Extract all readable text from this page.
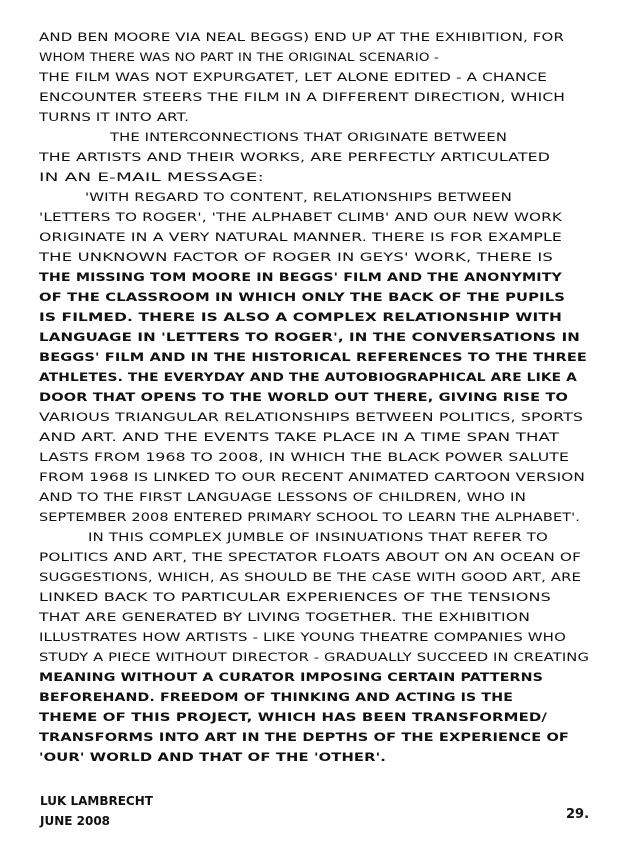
AND BEN MOORE VIA NEAL BEGGS) END UP AT THE EXHIBITION, FOR
WHOM THERE WAS NO PART IN THE ORIGINAL SCENARIO -
THE FILM WAS NOT EXPURGATET, LET ALONE EDITED - A CHANCE
ENCOUNTER STEERS THE FILM IN A DIFFERENT DIRECTION, WHICH
TURNS IT INTO ART.
THE INTERCONNECTIONS THAT ORIGINATE BETWEEN
THE ARTISTS AND THEIR WORKS, ARE PERFECTLY ARTICULATED
IN AN E-MAIL MESSAGE:
'WITH REGARD TO CONTENT, RELATIONSHIPS BETWEEN
'LETTERS TO ROGER', 'THE ALPHABET CLIMB' AND OUR NEW WORK
ORIGINATE IN A VERY NATURAL MANNER. THERE IS FOR EXAMPLE
THE UNKNOWN FACTOR OF ROGER IN GEYS' WORK, THERE IS
THE MISSING TOM MOORE IN BEGGS' FILM AND THE ANONYMITY
OF THE CLASSROOM IN WHICH ONLY THE BACK OF THE PUPILS
IS FILMED. THERE IS ALSO A COMPLEX RELATIONSHIP WITH
LANGUAGE IN 'LETTERS TO ROGER', IN THE CONVERSATIONS IN
BEGGS' FILM AND IN THE HISTORICAL REFERENCES TO THE THREE
ATHLETES. THE EVERYDAY AND THE AUTOBIOGRAPHICAL ARE LIKE A
DOOR THAT OPENS TO THE WORLD OUT THERE, GIVING RISE TO
VARIOUS TRIANGULAR RELATIONSHIPS BETWEEN POLITICS, SPORTS
AND ART. AND THE EVENTS TAKE PLACE IN A TIME SPAN THAT
LASTS FROM 1968 TO 2008, IN WHICH THE BLACK POWER SALUTE
FROM 1968 IS LINKED TO OUR RECENT ANIMATED CARTOON VERSION
AND TO THE FIRST LANGUAGE LESSONS OF CHILDREN, WHO IN
SEPTEMBER 2008 ENTERED PRIMARY SCHOOL TO LEARN THE ALPHABET'.
IN THIS COMPLEX JUMBLE OF INSINUATIONS THAT REFER TO
POLITICS AND ART, THE SPECTATOR FLOATS ABOUT ON AN OCEAN OF
SUGGESTIONS, WHICH, AS SHOULD BE THE CASE WITH GOOD ART, ARE
LINKED BACK TO PARTICULAR EXPERIENCES OF THE TENSIONS
THAT ARE GENERATED BY LIVING TOGETHER. THE EXHIBITION
ILLUSTRATES HOW ARTISTS - LIKE YOUNG THEATRE COMPANIES WHO
STUDY A PIECE WITHOUT DIRECTOR - GRADUALLY SUCCEED IN CREATING
MEANING WITHOUT A CURATOR IMPOSING CERTAIN PATTERNS
BEFOREHAND. FREEDOM OF THINKING AND ACTING IS THE
THEME OF THIS PROJECT, WHICH HAS BEEN TRANSFORMED/
TRANSFORMS INTO ART IN THE DEPTHS OF THE EXPERIENCE OF
'OUR' WORLD AND THAT OF THE 'OTHER'.
LUK LAMBRECHT
JUNE 2008	29.
